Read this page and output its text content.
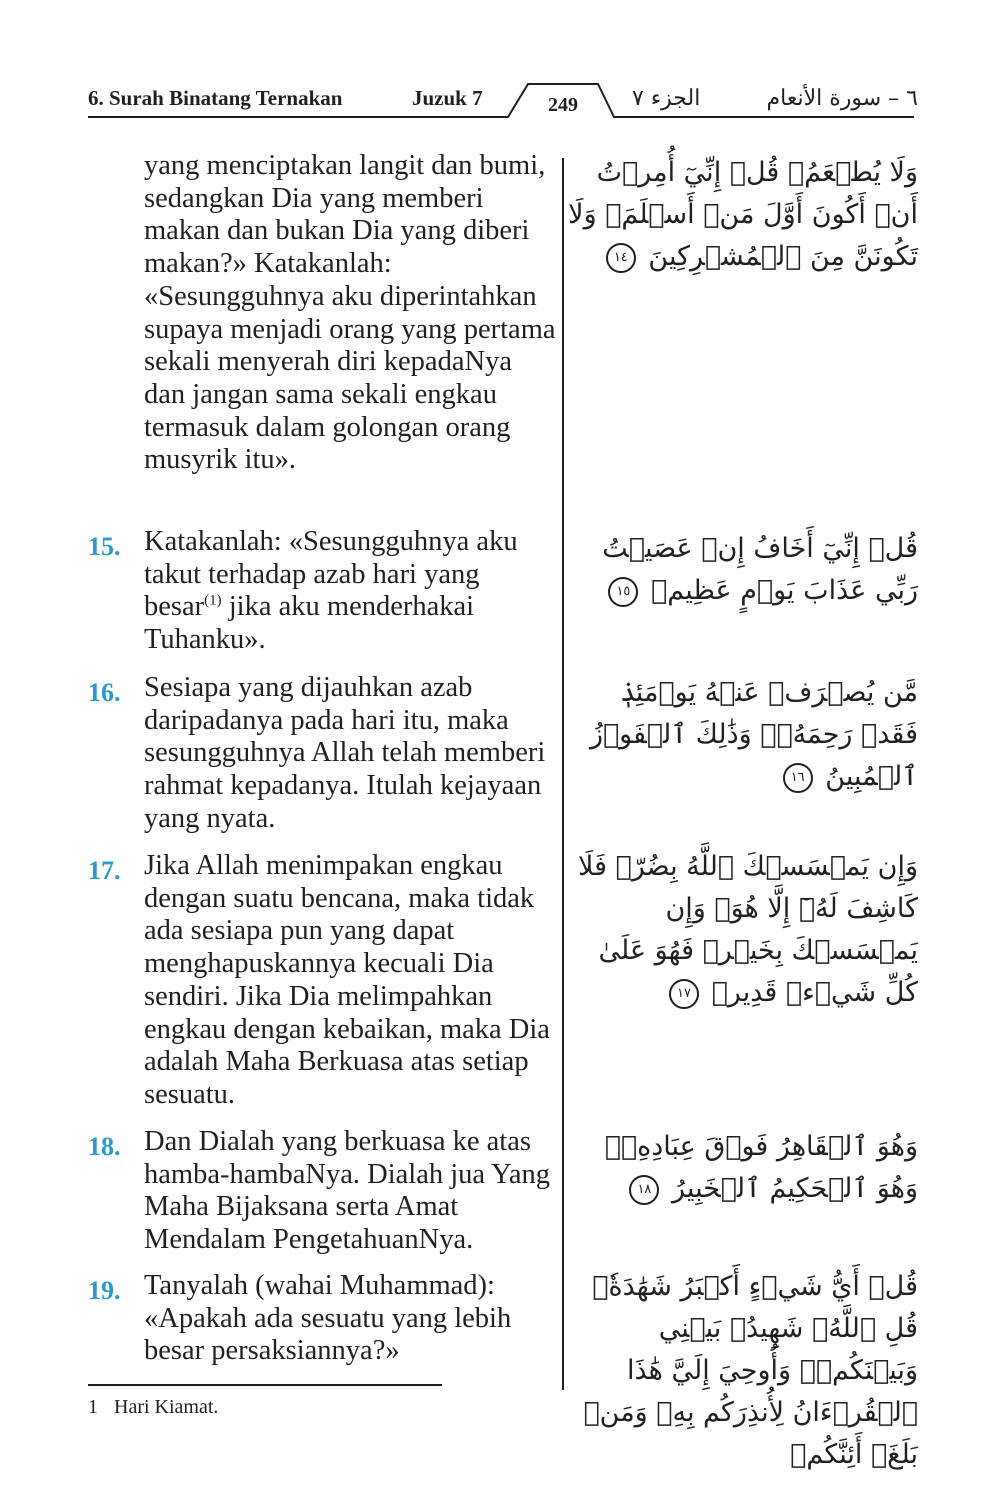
6. Surah Binatang Ternakan	Juzuk 7	249 الجزء ٧	٦ – سورة الأنعام
yang menciptakan langit dan bumi, sedangkan Dia yang memberi makan dan bukan Dia yang diberi makan?» Katakanlah: «Sesungguhnya aku diperintahkan supaya menjadi orang yang pertama sekali menyerah diri kepadaNya dan jangan sama sekali engkau termasuk dalam golongan orang musyrik itu».
وَلَا يُطۡعَمُۗ قُلۡ إِنِّيٓ أُمِرۡتُ أَنۡ أَكُونَ أَوَّلَ مَنۡ أَسۡلَمَۖ وَلَا تَكُونَنَّ مِنَ ٱلۡمُشۡرِكِينَ ١٤
15. Katakanlah: «Sesungguhnya aku takut terhadap azab hari yang besar$^{(1)}$ jika aku menderhakai Tuhanku».
قُلۡ إِنِّيٓ أَخَافُ إِنۡ عَصَيۡتُ رَبِّي عَذَابَ يَوۡمٍ عَظِيمٖ ١٥
16. Sesiapa yang dijauhkan azab daripadanya pada hari itu, maka sesungguhnya Allah telah memberi rahmat kepadanya. Itulah kejayaan yang nyata.
مَّن يُصۡرَفۡ عَنۡهُ يَوۡمَئِذٖ فَقَدۡ رَحِمَهُۥۚ وَذَٰلِكَ ٱلۡفَوۡزُ ٱلۡمُبِينُ ١٦
17. Jika Allah menimpakan engkau dengan suatu bencana, maka tidak ada sesiapa pun yang dapat menghapuskannya kecuali Dia sendiri. Jika Dia melimpahkan engkau dengan kebaikan, maka Dia adalah Maha Berkuasa atas setiap sesuatu.
وَإِن يَمۡسَسۡكَ ٱللَّهُ بِضُرّٖ فَلَا كَاشِفَ لَهُۥٓ إِلَّا هُوَۖ وَإِن يَمۡسَسۡكَ بِخَيۡرٖ فَهُوَ عَلَىٰ كُلِّ شَيۡءٖ قَدِيرٞ ١٧
18. Dan Dialah yang berkuasa ke atas hamba-hambaNya. Dialah jua Yang Maha Bijaksana serta Amat Mendalam PengetahuanNya.
وَهُوَ ٱلۡقَاهِرُ فَوۡقَ عِبَادِهِۦۚ وَهُوَ ٱلۡحَكِيمُ ٱلۡخَبِيرُ ١٨
19. Tanyalah (wahai Muhammad): «Apakah ada sesuatu yang lebih besar persaksiannya?»
قُلۡ أَيُّ شَيۡءٍ أَكۡبَرُ شَهَٰدَةٗۖ قُلِ ٱللَّهُۖ شَهِيدُۢ بَيۡنِي وَبَيۡنَكُمۡۚ وَأُوحِيَ إِلَيَّ هَٰذَا ٱلۡقُرۡءَانُ لِأُنذِرَكُم بِهِۦ وَمَنۢ بَلَغَۚ أَئِنَّكُمۡ
1 Hari Kiamat.
